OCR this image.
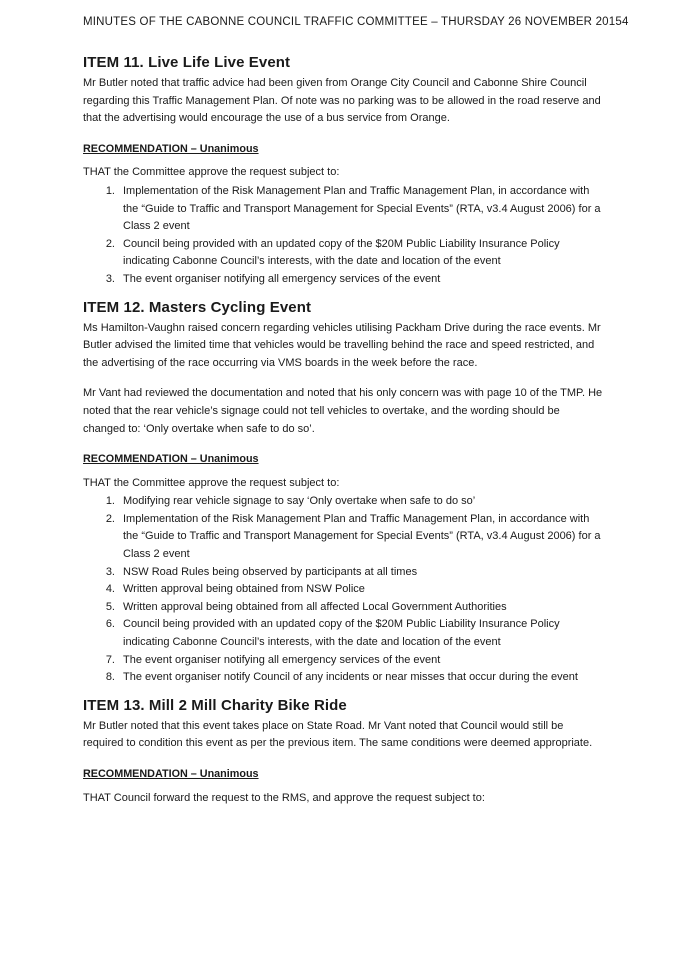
MINUTES OF THE CABONNE COUNCIL TRAFFIC COMMITTEE – THURSDAY 26 NOVEMBER 2015 4
ITEM 11. Live Life Live Event

Mr Butler noted that traffic advice had been given from Orange City Council and Cabonne Shire Council regarding this Traffic Management Plan. Of note was no parking was to be allowed in the road reserve and that the advertising would encourage the use of a bus service from Orange.

RECOMMENDATION – Unanimous

THAT the Committee approve the request subject to:

1. Implementation of the Risk Management Plan and Traffic Management Plan, in accordance with the “Guide to Traffic and Transport Management for Special Events” (RTA, v3.4 August 2006) for a Class 2 event
2. Council being provided with an updated copy of the $20M Public Liability Insurance Policy indicating Cabonne Council’s interests, with the date and location of the event
3. The event organiser notifying all emergency services of the event
ITEM 12. Masters Cycling Event

Ms Hamilton-Vaughn raised concern regarding vehicles utilising Packham Drive during the race events. Mr Butler advised the limited time that vehicles would be travelling behind the race and speed restricted, and the advertising of the race occurring via VMS boards in the week before the race.

Mr Vant had reviewed the documentation and noted that his only concern was with page 10 of the TMP. He noted that the rear vehicle’s signage could not tell vehicles to overtake, and the wording should be changed to: ‘Only overtake when safe to do so’.

RECOMMENDATION – Unanimous

THAT the Committee approve the request subject to:

1. Modifying rear vehicle signage to say ‘Only overtake when safe to do so’
2. Implementation of the Risk Management Plan and Traffic Management Plan, in accordance with the “Guide to Traffic and Transport Management for Special Events” (RTA, v3.4 August 2006) for a Class 2 event
3. NSW Road Rules being observed by participants at all times
4. Written approval being obtained from NSW Police
5. Written approval being obtained from all affected Local Government Authorities
6. Council being provided with an updated copy of the $20M Public Liability Insurance Policy indicating Cabonne Council’s interests, with the date and location of the event
7. The event organiser notifying all emergency services of the event
8. The event organiser notify Council of any incidents or near misses that occur during the event
ITEM 13. Mill 2 Mill Charity Bike Ride

Mr Butler noted that this event takes place on State Road. Mr Vant noted that Council would still be required to condition this event as per the previous item. The same conditions were deemed appropriate.

RECOMMENDATION – Unanimous

THAT Council forward the request to the RMS, and approve the request subject to:
